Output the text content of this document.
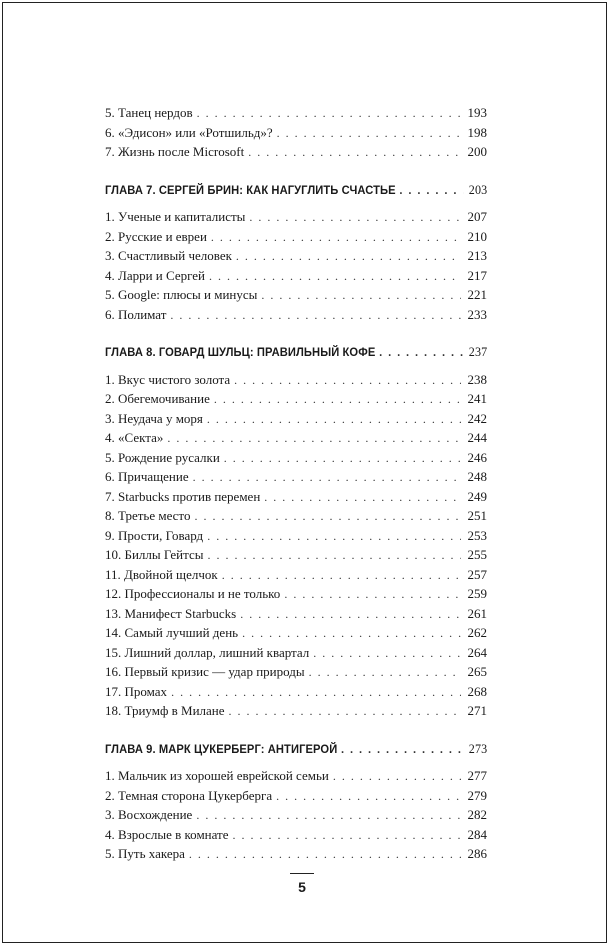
5. Танец нердов . . .	193
6. «Эдисон» или «Ротшильд»? . . .	198
7. Жизнь после Microsoft . . .	200
ГЛАВА 7. СЕРГЕЙ БРИН: КАК НАГУГЛИТЬ СЧАСТЬЕ . . .	203
1. Ученые и капиталисты . . .	207
2. Русские и евреи . . .	210
3. Счастливый человек . . .	213
4. Ларри и Сергей . . .	217
5. Google: плюсы и минусы . . .	221
6. Полимат . . .	233
ГЛАВА 8. ГОВАРД ШУЛЬЦ: ПРАВИЛЬНЫЙ КОФЕ . . .	237
1. Вкус чистого золота . . .	238
2. Обегемочивание . . .	241
3. Неудача у моря . . .	242
4. «Секта» . . .	244
5. Рождение русалки . . .	246
6. Причащение . . .	248
7. Starbucks против перемен . . .	249
8. Третье место . . .	251
9. Прости, Говард . . .	253
10. Биллы Гейтсы . . .	255
11. Двойной щелчок . . .	257
12. Профессионалы и не только . . .	259
13. Манифест Starbucks . . .	261
14. Самый лучший день . . .	262
15. Лишний доллар, лишний квартал . . .	264
16. Первый кризис — удар природы . . .	265
17. Промах . . .	268
18. Триумф в Милане . . .	271
ГЛАВА 9. МАРК ЦУКЕРБЕРГ: АНТИГЕРОЙ . . .	273
1. Мальчик из хорошей еврейской семьи . . .	277
2. Темная сторона Цукерберга . . .	279
3. Восхождение . . .	282
4. Взрослые в комнате . . .	284
5. Путь хакера . . .	286
5
